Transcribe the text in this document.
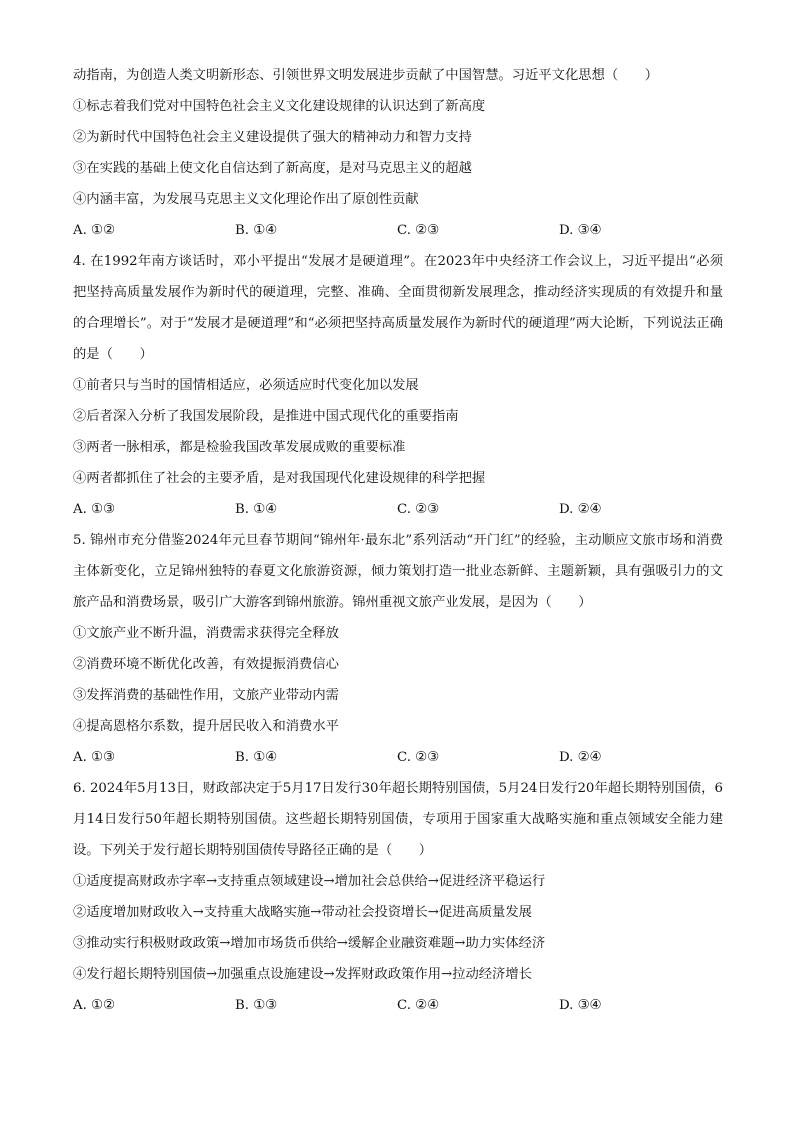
动指南，为创造人类文明新形态、引领世界文明发展进步贡献了中国智慧。习近平文化思想（　　）
①标志着我们党对中国特色社会主义文化建设规律的认识达到了新高度
②为新时代中国特色社会主义建设提供了强大的精神动力和智力支持
③在实践的基础上使文化自信达到了新高度，是对马克思主义的超越
④内涵丰富，为发展马克思主义文化理论作出了原创性贡献
A. ①②	B. ①④	C. ②③	D. ③④
4. 在1992年南方谈话时，邓小平提出“发展才是硬道理”。在2023年中央经济工作会议上，习近平提出“必须把坚持高质量发展作为新时代的硬道理，完整、准确、全面贯彻新发展理念，推动经济实现质的有效提升和量的合理增长”。对于“发展才是硬道理”和“必须把坚持高质量发展作为新时代的硬道理”两大论断，下列说法正确的是（　　）
①前者只与当时的国情相适应，必须适应时代变化加以发展
②后者深入分析了我国发展阶段，是推进中国式现代化的重要指南
③两者一脉相承，都是检验我国改革发展成败的重要标准
④两者都抓住了社会的主要矛盾，是对我国现代化建设规律的科学把握
A. ①③	B. ①④	C. ②③	D. ②④
5. 锦州市充分借鉴2024年元旦春节期间“锦州年·最东北”系列活动“开门红”的经验，主动顺应文旅市场和消费主体新变化，立足锦州独特的春夏文化旅游资源，倾力策划打造一批业态新鲜、主题新颖，具有强吸引力的文旅产品和消费场景，吸引广大游客到锦州旅游。锦州重视文旅产业发展，是因为（　　）
①文旅产业不断升温，消费需求获得完全释放
②消费环境不断优化改善，有效提振消费信心
③发挥消费的基础性作用，文旅产业带动内需
④提高恩格尔系数，提升居民收入和消费水平
A. ①③	B. ①④	C. ②③	D. ②④
6. 2024年5月13日，财政部决定于5月17日发行30年超长期特别国债，5月24日发行20年超长期特别国债，6月14日发行50年超长期特别国债。这些超长期特别国债，专项用于国家重大战略实施和重点领域安全能力建设。下列关于发行超长期特别国债传导路径正确的是（　　）
①适度提高财政赤字率→支持重点领域建设→增加社会总供给→促进经济平稳运行
②适度增加财政收入→支持重大战略实施→带动社会投资增长→促进高质量发展
③推动实行积极财政政策→增加市场货币供给→缓解企业融资难题→助力实体经济
④发行超长期特别国债→加强重点设施建设→发挥财政政策作用→拉动经济增长
A. ①②	B. ①③	C. ②④	D. ③④
